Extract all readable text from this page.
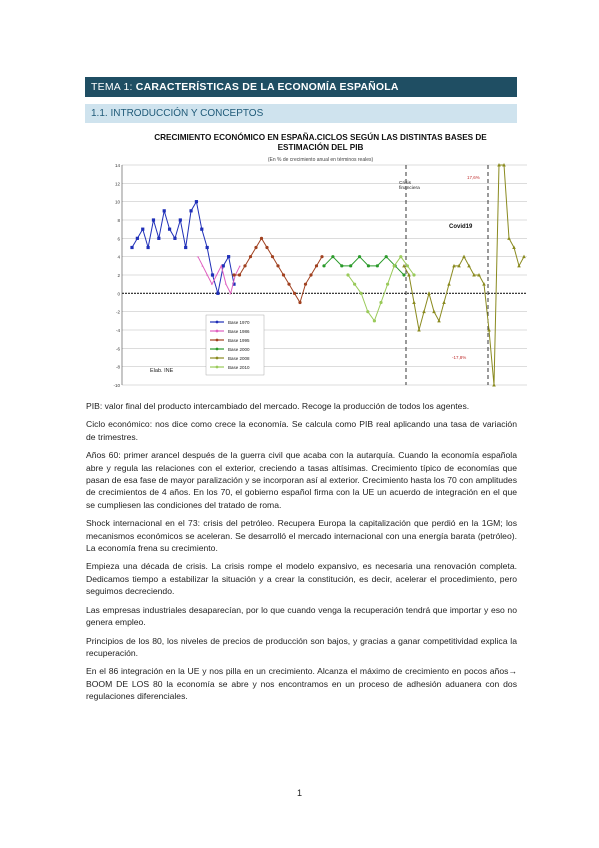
TEMA 1: CARACTERÍSTICAS DE LA ECONOMÍA ESPAÑOLA
1.1. INTRODUCCIÓN Y CONCEPTOS
CRECIMIENTO ECONÓMICO EN ESPAÑA.CICLOS SEGÚN LAS DISTINTAS BASES DE
ESTIMACIÓN DEL PIB
(En % de crecimiento anual en términos reales)
14
12
10
8
6
4
2
0
-2
-4
-6
-8
-10
×
×
×
×
×
×
×
×
×
Base 1970
Base 1986
Base 1995
Base 2000
Base 2008
Base 2010
Elab. INE
Crisis financiera
Covid19
17,6%
-17,8%

PIB: valor final del producto intercambiado del mercado. Recoge la producción de todos los agentes.

Ciclo económico: nos dice como crece la economía. Se calcula como PIB real aplicando una tasa de variación de trimestres.

Años 60: primer arancel después de la guerra civil que acaba con la autarquía. Cuando la economía española abre y regula las relaciones con el exterior, creciendo a tasas altísimas. Crecimiento típico de economías que pasan de esa fase de mayor paralización y se incorporan así al exterior. Crecimiento hasta los 70 con amplitudes de crecimientos de 4 años. En los 70, el gobierno español firma con la UE un acuerdo de integración en el que se cumpliesen las condiciones del tratado de roma.

Shock internacional en el 73: crisis del petróleo. Recupera Europa la capitalización que perdió en la 1GM; los mecanismos económicos se aceleran. Se desarrolló el mercado internacional con una energía barata (petróleo). La economía frena su crecimiento.

Empieza una década de crisis. La crisis rompe el modelo expansivo, es necesaria una renovación completa. Dedicamos tiempo a estabilizar la situación y a crear la constitución, es decir, acelerar el procedimiento, pero seguimos decreciendo.

Las empresas industriales desaparecían, por lo que cuando venga la recuperación tendrá que importar y eso no genera empleo.

Principios de los 80, los niveles de precios de producción son bajos, y gracias a ganar competitividad explica la recuperación.

En el 86 integración en la UE y nos pilla en un crecimiento. Alcanza el máximo de crecimiento en pocos años→ BOOM DE LOS 80 la economía se abre y nos encontramos en un proceso de adhesión aduanera con dos regulaciones diferenciales.

1
